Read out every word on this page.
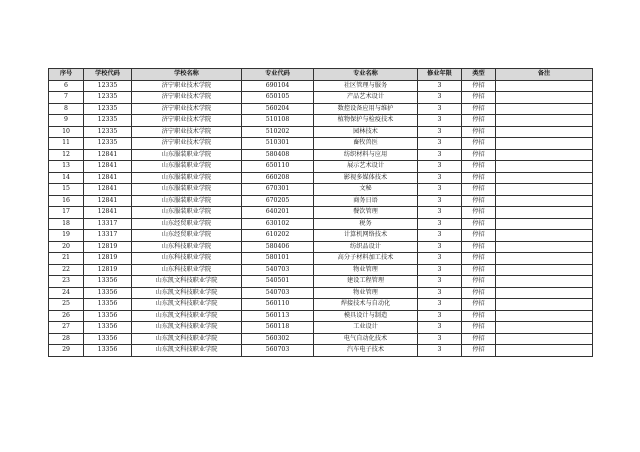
序号	学校代码	学校名称	专业代码	专业名称	修业年限	类型	备注
6	12335	济宁职业技术学院	690104	社区管理与服务	3	停招	
7	12335	济宁职业技术学院	650105	产品艺术设计	3	停招	
8	12335	济宁职业技术学院	560204	数控设备应用与维护	3	停招	
9	12335	济宁职业技术学院	510108	植物保护与检疫技术	3	停招	
10	12335	济宁职业技术学院	510202	园林技术	3	停招	
11	12335	济宁职业技术学院	510301	畜牧兽医	3	停招	
12	12841	山东服装职业学院	580408	纺织材料与应用	3	停招	
13	12841	山东服装职业学院	650110	展示艺术设计	3	停招	
14	12841	山东服装职业学院	660208	影视多媒体技术	3	停招	
15	12841	山东服装职业学院	670301	文秘	3	停招	
16	12841	山东服装职业学院	670205	商务日语	3	停招	
17	12841	山东服装职业学院	640201	餐饮管理	3	停招	
18	13317	山东经贸职业学院	630102	税务	3	停招	
19	13317	山东经贸职业学院	610202	计算机网络技术	3	停招	
20	12819	山东科技职业学院	580406	纺织品设计	3	停招	
21	12819	山东科技职业学院	580101	高分子材料加工技术	3	停招	
22	12819	山东科技职业学院	540703	物业管理	3	停招	
23	13356	山东凯文科技职业学院	540501	建设工程管理	3	停招	
24	13356	山东凯文科技职业学院	540703	物业管理	3	停招	
25	13356	山东凯文科技职业学院	560110	焊接技术与自动化	3	停招	
26	13356	山东凯文科技职业学院	560113	模具设计与制造	3	停招	
27	13356	山东凯文科技职业学院	560118	工业设计	3	停招	
28	13356	山东凯文科技职业学院	560302	电气自动化技术	3	停招	
29	13356	山东凯文科技职业学院	560703	汽车电子技术	3	停招	
